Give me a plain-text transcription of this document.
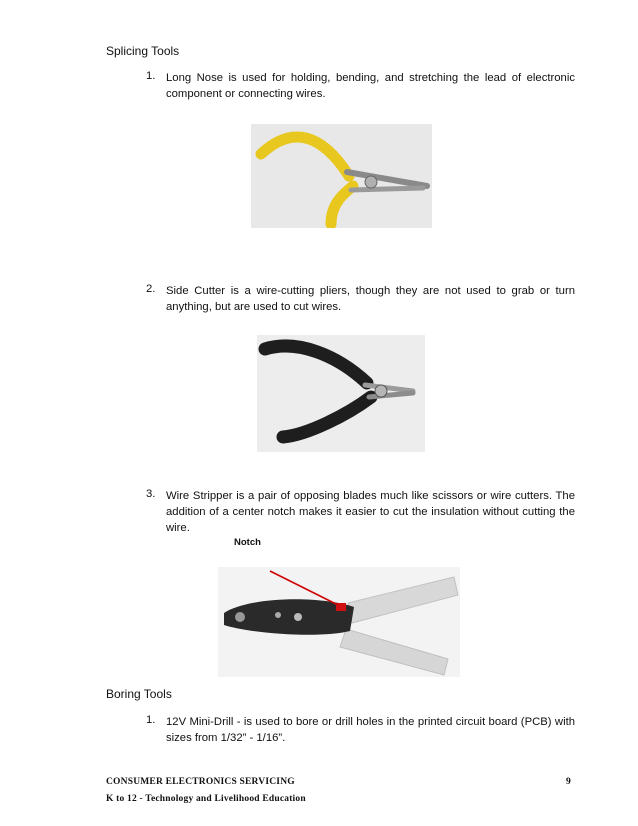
Splicing Tools
1. Long Nose is used for holding, bending, and stretching the lead of electronic component or connecting wires.
2. Side Cutter is a wire-cutting pliers, though they are not used to grab or turn anything, but are used to cut wires.
3. Wire Stripper is a pair of opposing blades much like scissors or wire cutters. The addition of a center notch makes it easier to cut the insulation without cutting the wire.
Notch
Boring Tools
1. 12V Mini-Drill - is used to bore or drill holes in the printed circuit board (PCB) with sizes from 1/32” - 1/16”.
CONSUMER ELECTRONICS SERVICING
K to 12 - Technology and Livelihood Education
9
